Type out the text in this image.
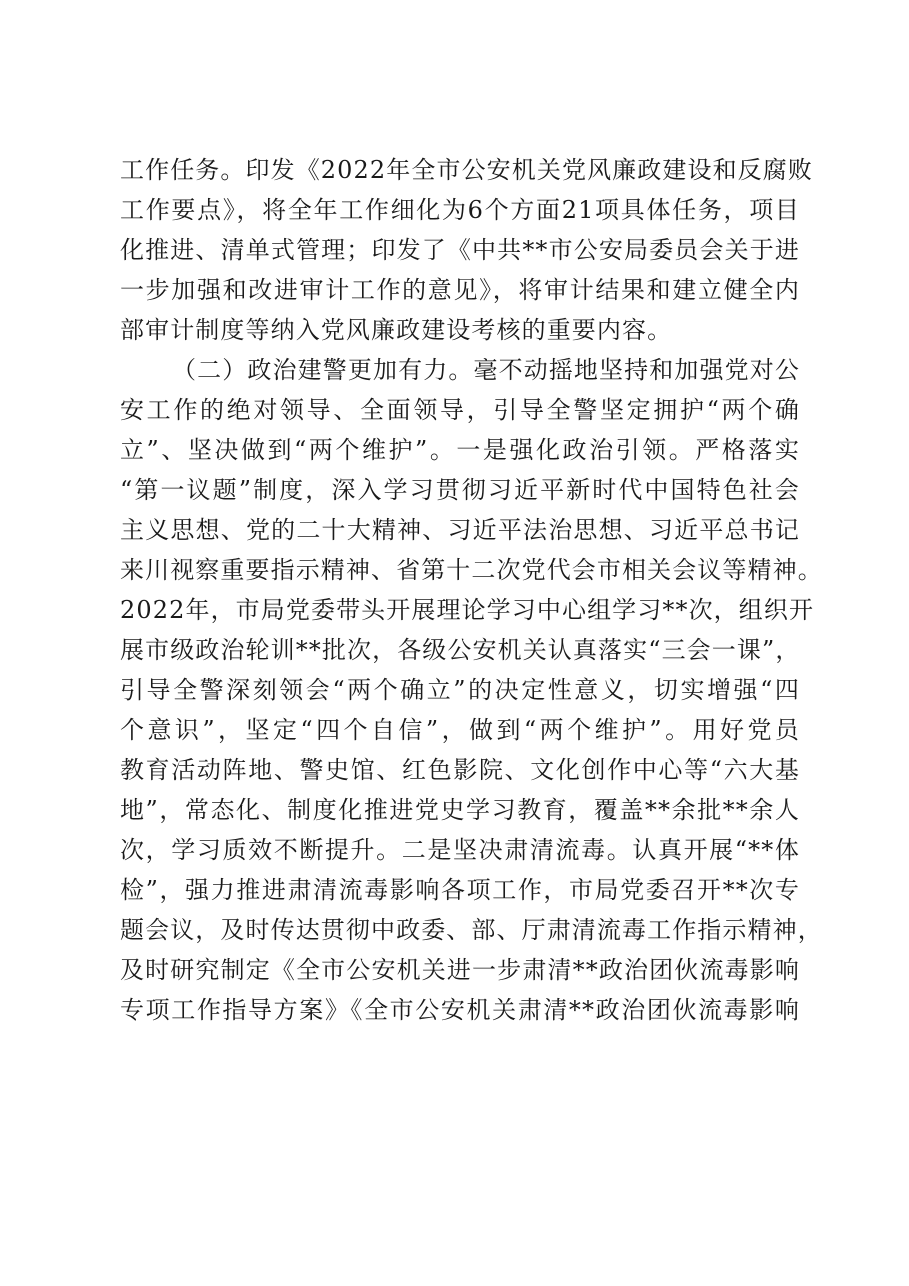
工作任务。印发《2022年全市公安机关党风廉政建设和反腐败
工作要点》，将全年工作细化为6个方面21项具体任务，项目
化推进、清单式管理；印发了《中共**市公安局委员会关于进
一步加强和改进审计工作的意见》，将审计结果和建立健全内
部审计制度等纳入党风廉政建设考核的重要内容。
（二）政治建警更加有力。毫不动摇地坚持和加强党对公
安工作的绝对领导、全面领导，引导全警坚定拥护“两个确
立”、坚决做到“两个维护”。一是强化政治引领。严格落实
“第一议题”制度，深入学习贯彻习近平新时代中国特色社会
主义思想、党的二十大精神、习近平法治思想、习近平总书记
来川视察重要指示精神、省第十二次党代会市相关会议等精神。
2022年，市局党委带头开展理论学习中心组学习**次，组织开
展市级政治轮训**批次，各级公安机关认真落实“三会一课”，
引导全警深刻领会“两个确立”的决定性意义，切实增强“四
个意识”，坚定“四个自信”，做到“两个维护”。用好党员
教育活动阵地、警史馆、红色影院、文化创作中心等“六大基
地”，常态化、制度化推进党史学习教育，覆盖**余批**余人
次，学习质效不断提升。二是坚决肃清流毒。认真开展“**体
检”，强力推进肃清流毒影响各项工作，市局党委召开**次专
题会议，及时传达贯彻中政委、部、厅肃清流毒工作指示精神，
及时研究制定《全市公安机关进一步肃清**政治团伙流毒影响
专项工作指导方案》《全市公安机关肃清**政治团伙流毒影响
